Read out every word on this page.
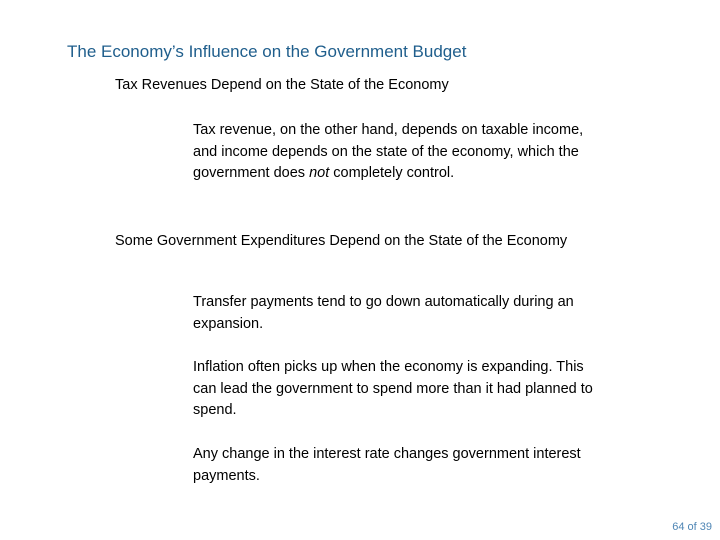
The Economy’s Influence on the Government Budget
Tax Revenues Depend on the State of the Economy
Tax revenue, on the other hand, depends on taxable income, and income depends on the state of the economy, which the government does not completely control.
Some Government Expenditures Depend on the State of the Economy
Transfer payments tend to go down automatically during an expansion.
Inflation often picks up when the economy is expanding. This can lead the government to spend more than it had planned to spend.
Any change in the interest rate changes government interest payments.
64 of 39
